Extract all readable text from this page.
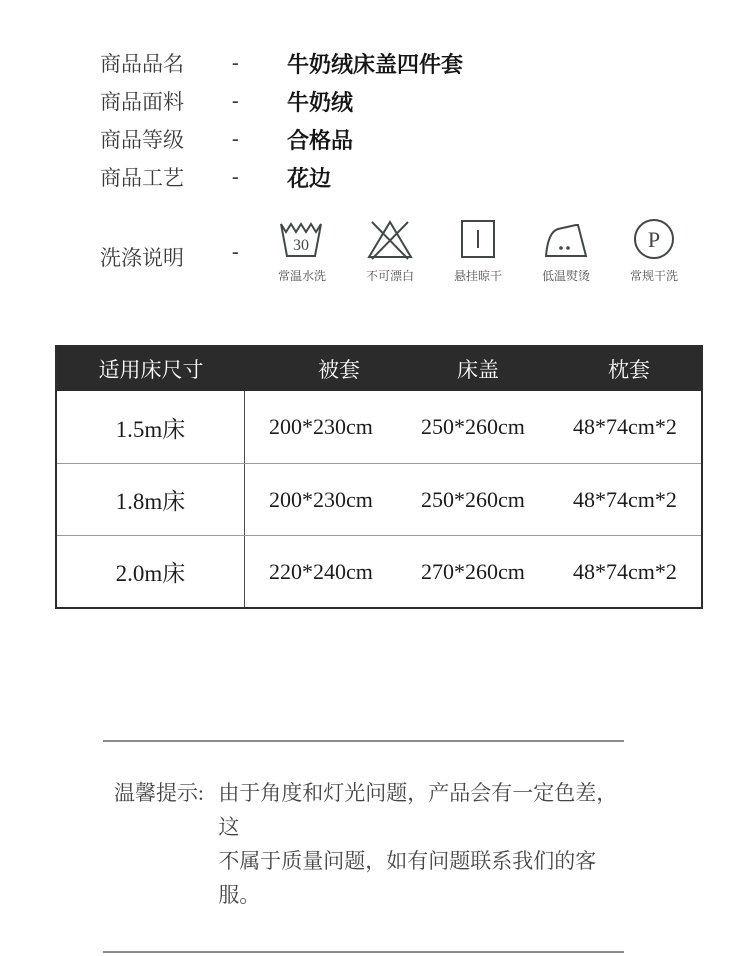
商品品名	-	牛奶绒床盖四件套
商品面料	-	牛奶绒
商品等级	-	合格品
商品工艺	-	花边
洗涤说明	-	30
常温水洗	不可漂白	悬挂晾干	低温熨烫
P
常规干洗
适用床尺寸	被套	床盖	枕套
1.5m床	200*230cm	250*260cm	48*74cm*2
1.8m床	200*230cm	250*260cm	48*74cm*2
2.0m床	220*240cm	270*260cm	48*74cm*2
温馨提示: 由于角度和灯光问题，产品会有一定色差，这
不属于质量问题，如有问题联系我们的客服。
